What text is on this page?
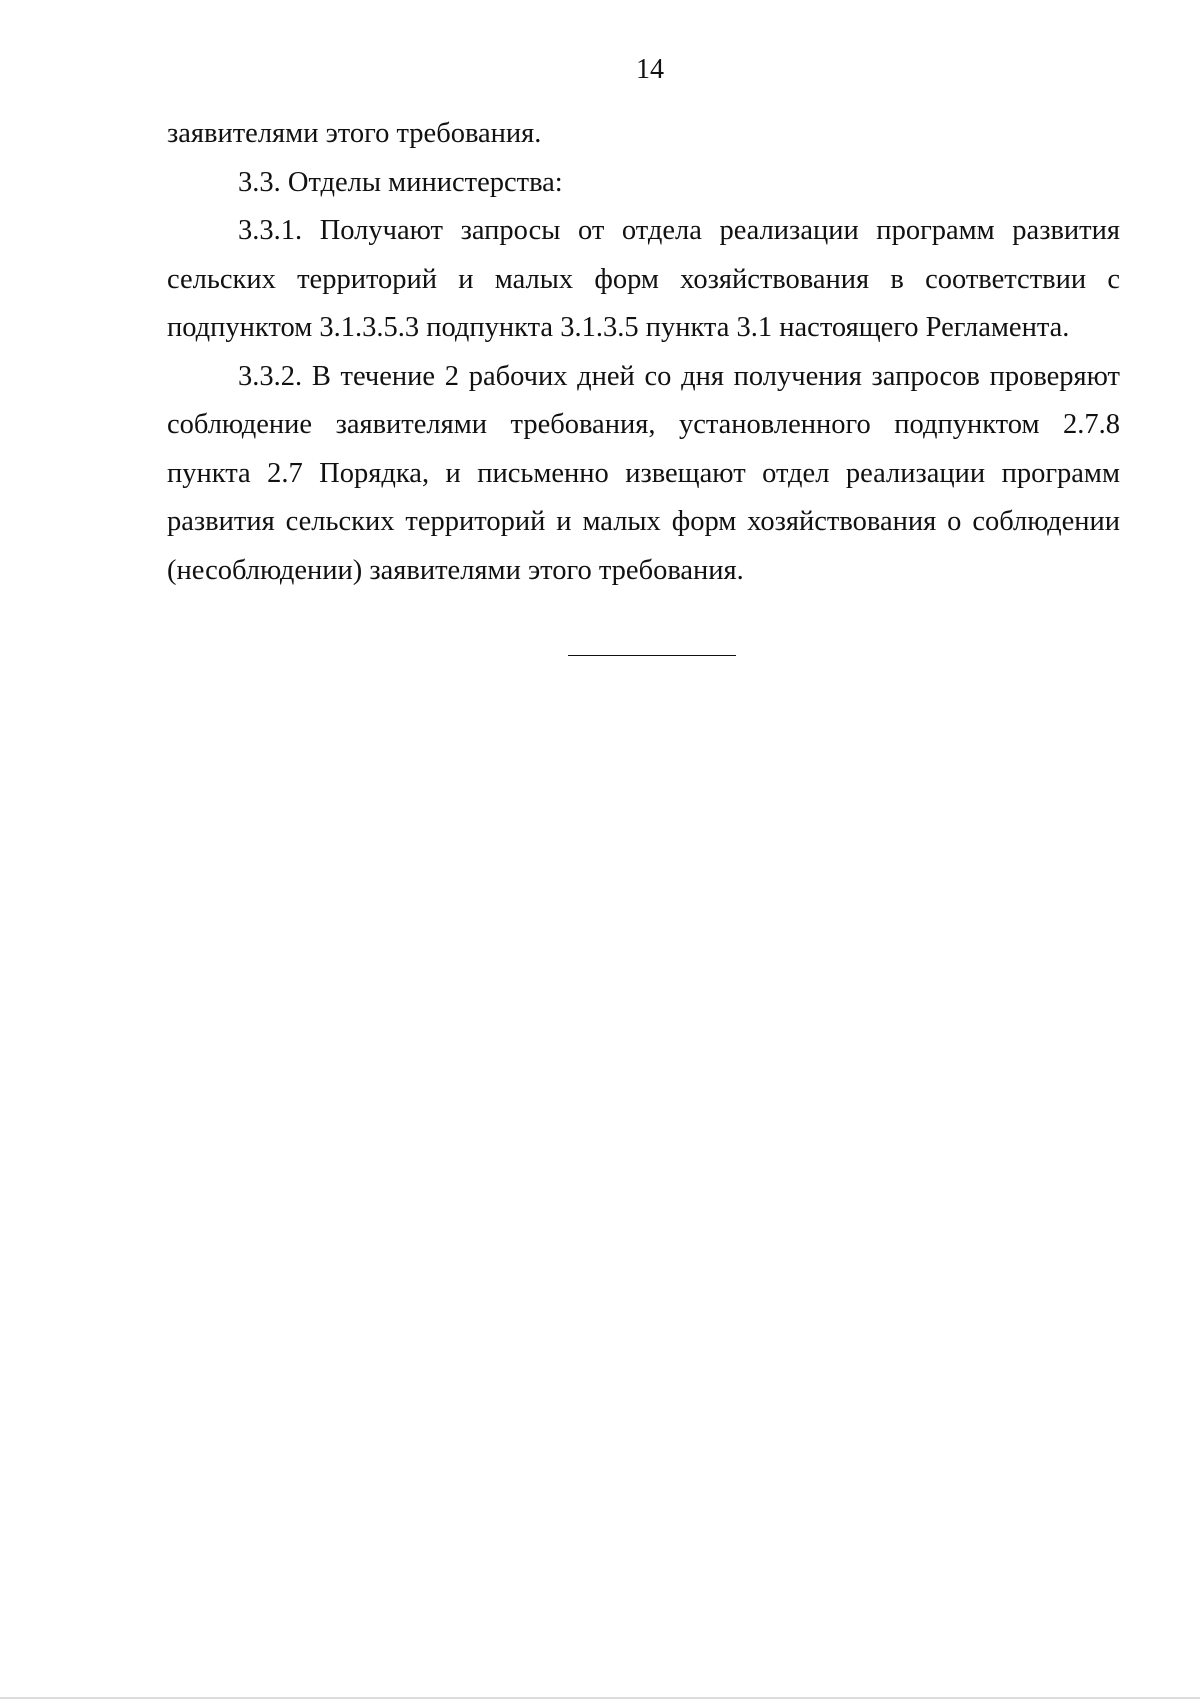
14

заявителями этого требования.

3.3. Отделы министерства:

3.3.1. Получают запросы от отдела реализации программ развития сельских территорий и малых форм хозяйствования в соответствии с подпунктом 3.1.3.5.3 подпункта 3.1.3.5 пункта 3.1 настоящего Регламента.

3.3.2. В течение 2 рабочих дней со дня получения запросов проверяют соблюдение заявителями требования, установленного подпунктом 2.7.8 пункта 2.7 Порядка, и письменно извещают отдел реализации программ развития сельских территорий и малых форм хозяйствования о соблюдении (несоблюдении) заявителями этого требования.
